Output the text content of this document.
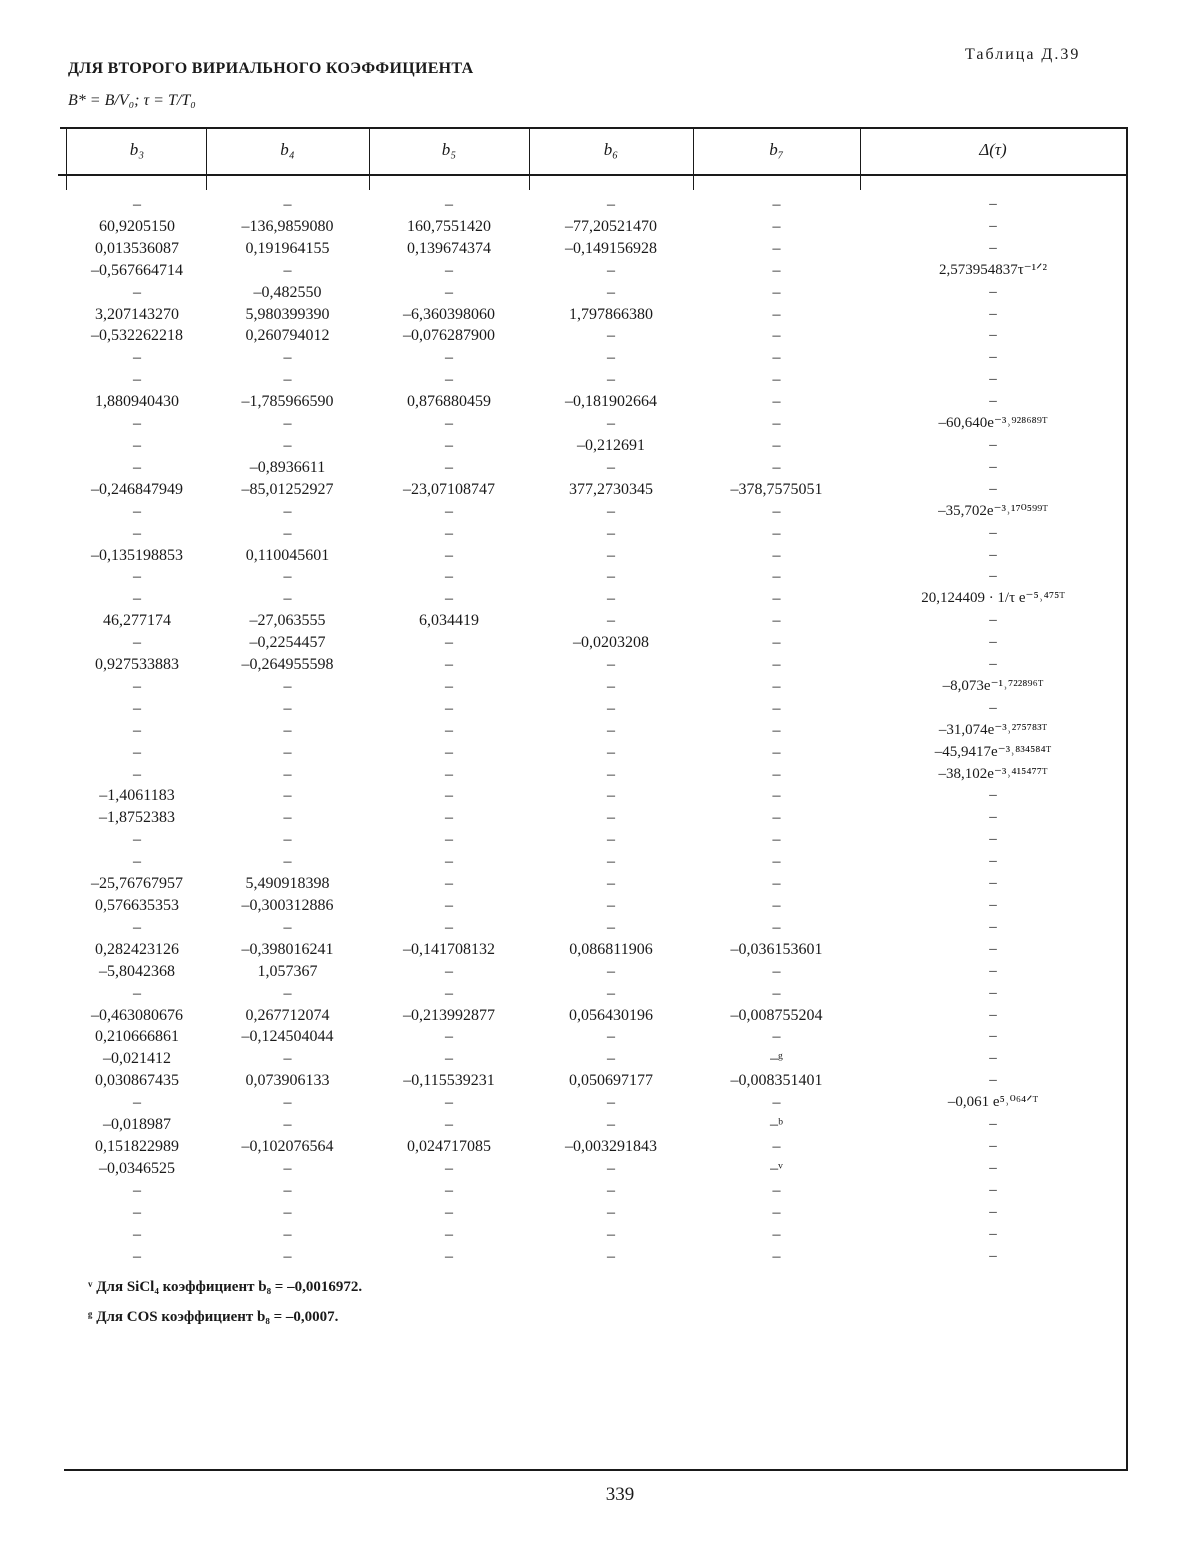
Таблица Д.39
ДЛЯ ВТОРОГО ВИРИАЛЬНОГО КОЭФФИЦИЕНТА
B* = B/V₀; τ = T/T₀
b₃	b₄	b₅	b₆	b₇	Δ(τ)
–	–	–	–	–	–
60,9205150	–136,9859080	160,7551420	–77,20521470	–	–
0,013536087	0,191964155	0,139674374	–0,149156928	–	–
–0,567664714	–	–	–	–	2,573954837τ⁻¹ᐟ²
–	–0,482550	–	–	–	–
3,207143270	5,980399390	–6,360398060	1,797866380	–	–
–0,532262218	0,260794012	–0,076287900	–	–	–
–	–	–	–	–	–
–	–	–	–	–	–
1,880940430	–1,785966590	0,876880459	–0,181902664	–	–
–	–	–	–	–	–60,640e⁻³˒⁹²⁸⁶⁸⁹ᵀ
–	–	–	–0,212691	–	–
–	–0,8936611	–	–	–	–
–0,246847949	–85,01252927	–23,07108747	377,2730345	–378,7575051	–
–	–	–	–	–	–35,702e⁻³˒¹⁷⁰⁵⁹⁹ᵀ
–	–	–	–	–	–
–0,135198853	0,110045601	–	–	–	–
–	–	–	–	–	–
–	–	–	–	–	20,124409 · 1/τ e⁻⁵˒⁴⁷⁵ᵀ
46,277174	–27,063555	6,034419	–	–	–
–	–0,2254457	–	–0,0203208	–	–
0,927533883	–0,264955598	–	–	–	–
–	–	–	–	–	–8,073e⁻¹˒⁷²²⁸⁹⁶ᵀ
–	–	–	–	–	–
–	–	–	–	–	–31,074e⁻³˒²⁷⁵⁷⁸³ᵀ
–	–	–	–	–	–45,9417e⁻³˒⁸³⁴⁵⁸⁴ᵀ
–	–	–	–	–	–38,102e⁻³˒⁴¹⁵⁴⁷⁷ᵀ
–1,4061183	–	–	–	–	–
–1,8752383	–	–	–	–	–
–	–	–	–	–	–
–	–	–	–	–	–
–25,76767957	5,490918398	–	–	–	–
0,576635353	–0,300312886	–	–	–	–
–	–	–	–	–	–
0,282423126	–0,398016241	–0,141708132	0,086811906	–0,036153601	–
–5,8042368	1,057367	–	–	–	–
–	–	–	–	–	–
–0,463080676	0,267712074	–0,213992877	0,056430196	–0,008755204	–
0,210666861	–0,124504044	–	–	–	–
–0,021412	–	–	–	–ᵍ	–
0,030867435	0,073906133	–0,115539231	0,050697177	–0,008351401	–
–	–	–	–	–	–0,061 e⁵˒⁰⁶⁴ᐟᵀ
–0,018987	–	–	–	–ᵇ	–
0,151822989	–0,102076564	0,024717085	–0,003291843	–	–
–0,0346525	–	–	–	–ᵛ	–
–	–	–	–	–	–
–	–	–	–	–	–
–	–	–	–	–	–
–	–	–	–	–	–
ᵛ Для SiCl₄ коэффициент b₈ = –0,0016972.
ᵍ Для COS коэффициент b₈ = –0,0007.
339
